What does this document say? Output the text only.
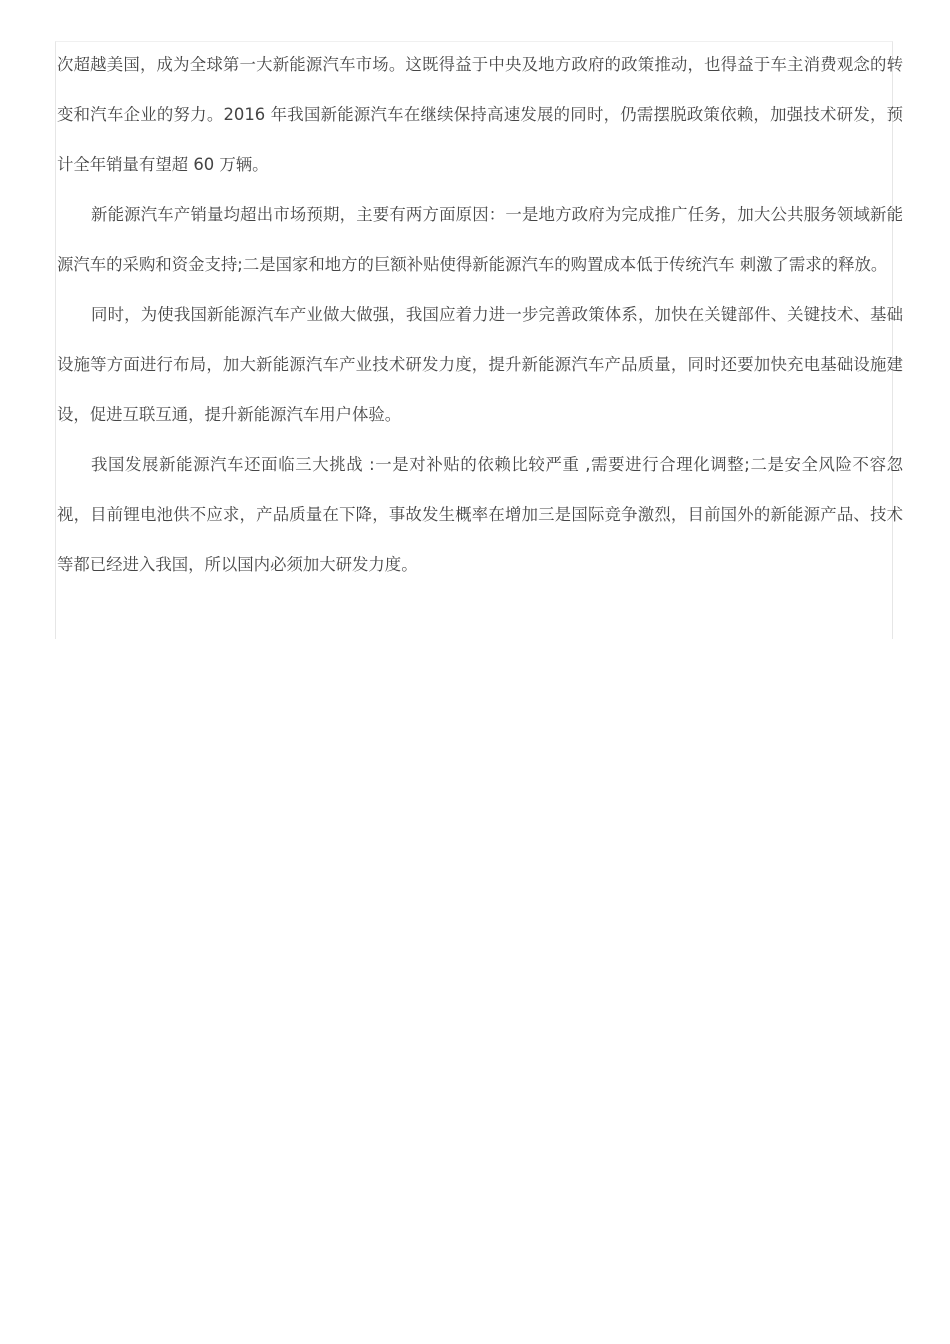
次超越美国，成为全球第一大新能源汽车市场。这既得益于中央及地方政府的政策推动，也得益于车主消费观念的转变和汽车企业的努力。2016 年我国新能源汽车在继续保持高速发展的同时，仍需摆脱政策依赖，加强技术研发，预计全年销量有望超 60 万辆。

新能源汽车产销量均超出市场预期，主要有两方面原因：一是地方政府为完成推广任务，加大公共服务领域新能源汽车的采购和资金支持;二是国家和地方的巨额补贴使得新能源汽车的购置成本低于传统汽车 刺激了需求的释放。

同时，为使我国新能源汽车产业做大做强，我国应着力进一步完善政策体系，加快在关键部件、关键技术、基础设施等方面进行布局，加大新能源汽车产业技术研发力度，提升新能源汽车产品质量，同时还要加快充电基础设施建设，促进互联互通，提升新能源汽车用户体验。

我国发展新能源汽车还面临三大挑战 :一是对补贴的依赖比较严重 ,需要进行合理化调整;二是安全风险不容忽视，目前锂电池供不应求，产品质量在下降，事故发生概率在增加三是国际竞争激烈，目前国外的新能源产品、技术等都已经进入我国，所以国内必须加大研发力度。
